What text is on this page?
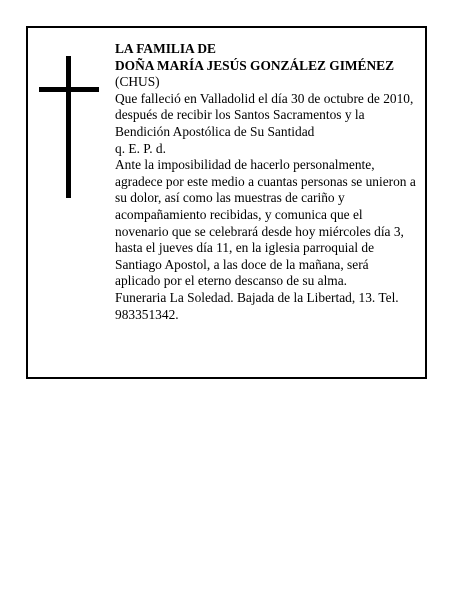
LA FAMILIA DE
DOÑA MARÍA JESÚS GONZÁLEZ GIMÉNEZ
(CHUS)
Que falleció en Valladolid el día 30 de octubre de 2010,
después de recibir los Santos Sacramentos y la
Bendición Apostólica de Su Santidad
q. E. P. d.
Ante la imposibilidad de hacerlo personalmente,
agradece por este medio a cuantas personas se unieron a
su dolor, así como las muestras de cariño y
acompañamiento recibidas, y comunica que el
novenario que se celebrará desde hoy miércoles día 3,
hasta el jueves día 11, en la iglesia parroquial de
Santiago Apostol, a las doce de la mañana, será
aplicado por el eterno descanso de su alma.
Funeraria La Soledad. Bajada de la Libertad, 13. Tel.
983351342.
